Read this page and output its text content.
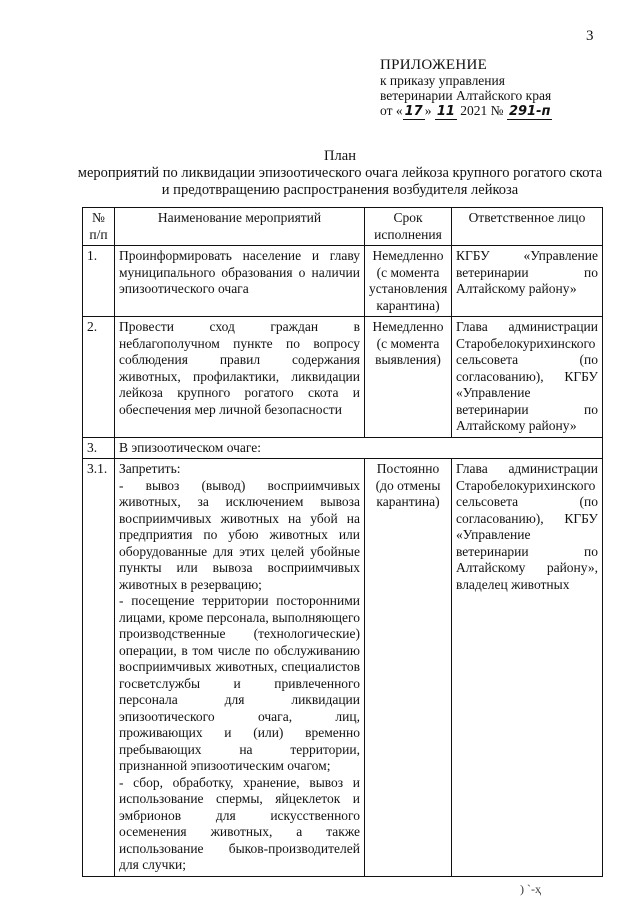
3
ПРИЛОЖЕНИЕ
к приказу управления
ветеринарии Алтайского края
от « 17 » 11 2021 № 291-п
План
мероприятий по ликвидации эпизоотического очага лейкоза крупного рогатого скота
и предотвращению распространения возбудителя лейкоза
№ п/п	Наименование мероприятий	Срок исполнения	Ответственное лицо
1.	Проинформировать население и главу муниципального образования о наличии эпизоотического очага	Немедленно (с момента установления карантина)	КГБУ «Управление ветеринарии по Алтайскому району»
2.	Провести сход граждан в неблагополучном пункте по вопросу соблюдения правил содержания животных, профилактики, ликвидации лейкоза крупного рогатого скота и обеспечения мер личной безопасности	Немедленно (с момента выявления)	Глава администрации Старобелокурихинского сельсовета (по согласованию), КГБУ «Управление ветеринарии по Алтайскому району»
3.	В эпизоотическом очаге:		
3.1.	Запретить:
- вывоз (вывод) восприимчивых животных, за исключением вывоза восприимчивых животных на убой на предприятия по убою животных или оборудованные для этих целей убойные пункты или вывоза восприимчивых животных в резервацию;
- посещение территории посторонними лицами, кроме персонала, выполняющего производственные (технологические) операции, в том числе по обслуживанию восприимчивых животных, специалистов госветслужбы и привлеченного персонала для ликвидации эпизоотического очага, лиц, проживающих и (или) временно пребывающих на территории, признанной эпизоотическим очагом;
- сбор, обработку, хранение, вывоз и использование спермы, яйцеклеток и эмбрионов для искусственного осеменения животных, а также использование быков-производителей для случки;	Постоянно (до отмены карантина)	Глава администрации Старобелокурихинского сельсовета (по согласованию), КГБУ «Управление ветеринарии по Алтайскому району», владелец животных
) `-ҳ
